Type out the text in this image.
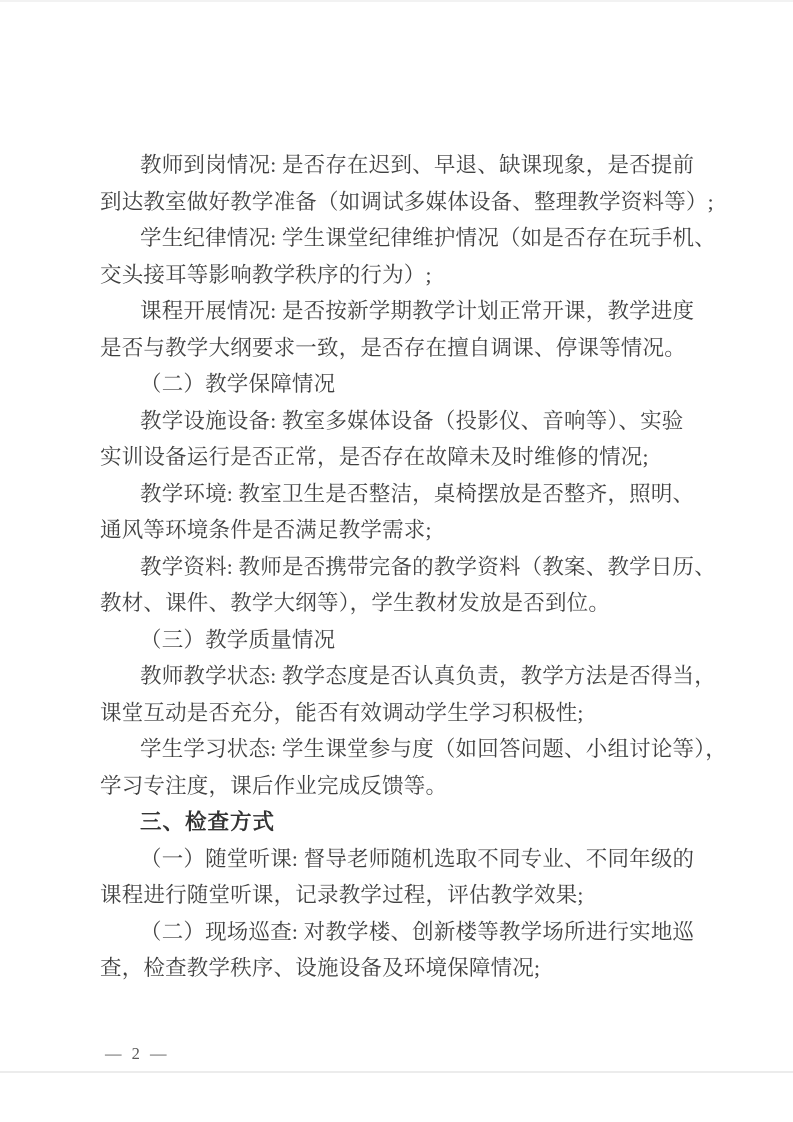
教师到岗情况: 是否存在迟到、早退、缺课现象，是否提前
到达教室做好教学准备（如调试多媒体设备、整理教学资料等）;
学生纪律情况: 学生课堂纪律维护情况（如是否存在玩手机、
交头接耳等影响教学秩序的行为）;
课程开展情况: 是否按新学期教学计划正常开课，教学进度
是否与教学大纲要求一致，是否存在擅自调课、停课等情况。
（二）教学保障情况
教学设施设备: 教室多媒体设备（投影仪、音响等）、实验
实训设备运行是否正常，是否存在故障未及时维修的情况;
教学环境: 教室卫生是否整洁，桌椅摆放是否整齐，照明、
通风等环境条件是否满足教学需求;
教学资料: 教师是否携带完备的教学资料（教案、教学日历、
教材、课件、教学大纲等），学生教材发放是否到位。
（三）教学质量情况
教师教学状态: 教学态度是否认真负责，教学方法是否得当，
课堂互动是否充分，能否有效调动学生学习积极性;
学生学习状态: 学生课堂参与度（如回答问题、小组讨论等），
学习专注度，课后作业完成反馈等。
三、检查方式
（一）随堂听课: 督导老师随机选取不同专业、不同年级的
课程进行随堂听课，记录教学过程，评估教学效果;
（二）现场巡查: 对教学楼、创新楼等教学场所进行实地巡
查，检查教学秩序、设施设备及环境保障情况;
— 2 —
